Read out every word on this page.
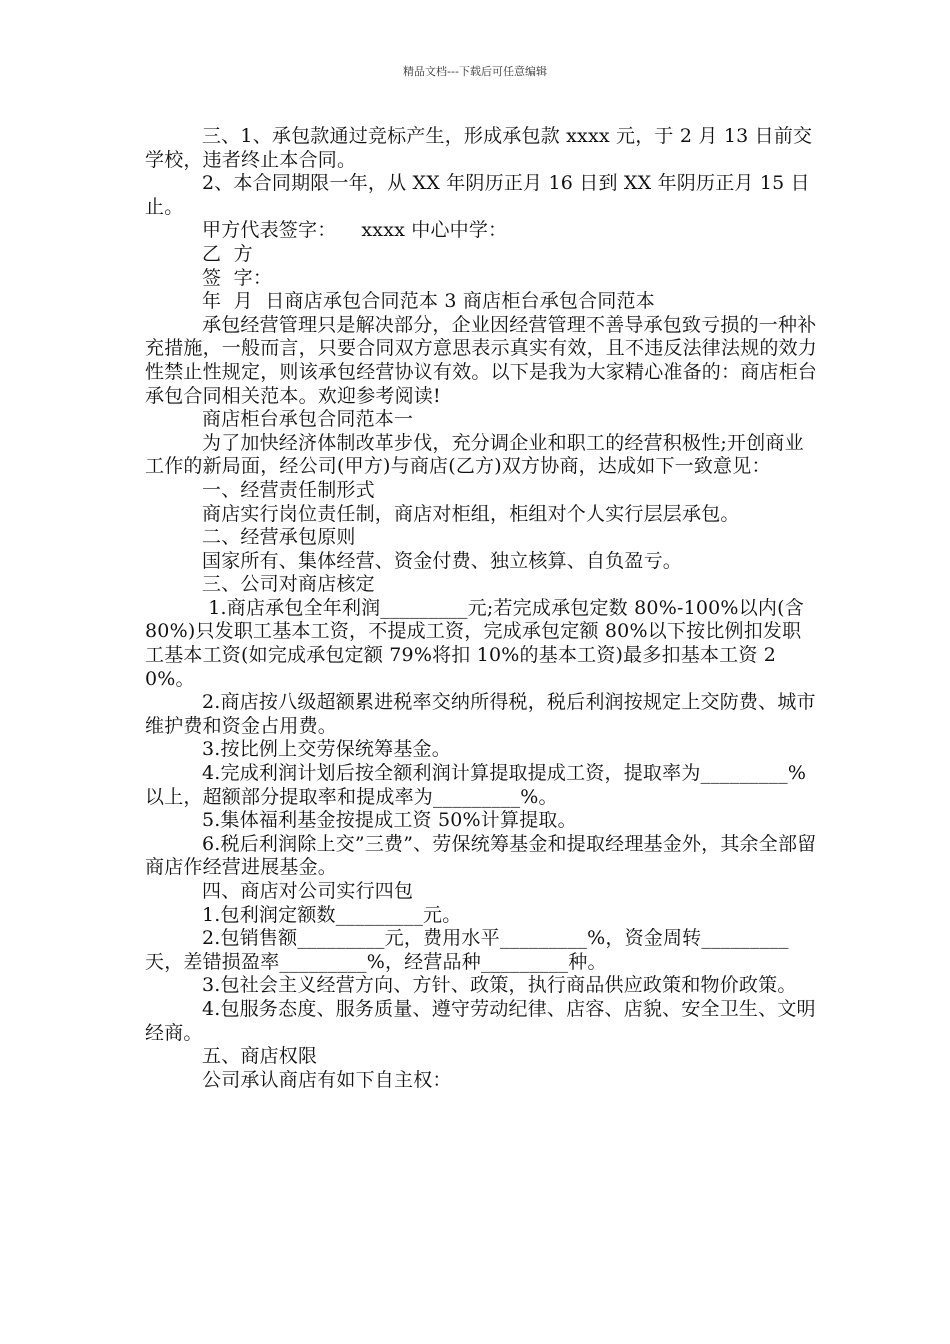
精品文档---下载后可任意编辑

三、1、承包款通过竞标产生，形成承包款 xxxx 元，于 2 月 13 日前交学校，违者终止本合同。

2、本合同期限一年，从 XX 年阴历正月 16 日到 XX 年阴历正月 15 日止。

甲方代表签字：    xxxx 中心中学：

乙  方

签  字：

年  月  日商店承包合同范本 3 商店柜台承包合同范本

承包经营管理只是解决部分，企业因经营管理不善导承包致亏损的一种补充措施，一般而言，只要合同双方意思表示真实有效，且不违反法律法规的效力性禁止性规定，则该承包经营协议有效。以下是我为大家精心准备的：商店柜台承包合同相关范本。欢迎参考阅读!

商店柜台承包合同范本一

为了加快经济体制改革步伐，充分调企业和职工的经营积极性;开创商业工作的新局面，经公司(甲方)与商店(乙方)双方协商，达成如下一致意见：

一、经营责任制形式

商店实行岗位责任制，商店对柜组，柜组对个人实行层层承包。

二、经营承包原则

国家所有、集体经营、资金付费、独立核算、自负盈亏。

三、公司对商店核定

1.商店承包全年利润_________元;若完成承包定数 80%-100%以内(含 80%)只发职工基本工资，不提成工资，完成承包定额 80%以下按比例扣发职工基本工资(如完成承包定额 79%将扣 10%的基本工资)最多扣基本工资 20%。

2.商店按八级超额累进税率交纳所得税，税后利润按规定上交防费、城市维护费和资金占用费。

3.按比例上交劳保统筹基金。

4.完成利润计划后按全额利润计算提取提成工资，提取率为_________%以上，超额部分提取率和提成率为_________%。

5.集体福利基金按提成工资 50%计算提取。

6.税后利润除上交”三费”、劳保统筹基金和提取经理基金外，其余全部留商店作经营进展基金。

四、商店对公司实行四包

1.包利润定额数_________元。

2.包销售额_________元，费用水平_________%，资金周转_________天，差错损盈率_________%，经营品种_________种。

3.包社会主义经营方向、方针、政策，执行商品供应政策和物价政策。

4.包服务态度、服务质量、遵守劳动纪律、店容、店貌、安全卫生、文明经商。

五、商店权限

公司承认商店有如下自主权：
